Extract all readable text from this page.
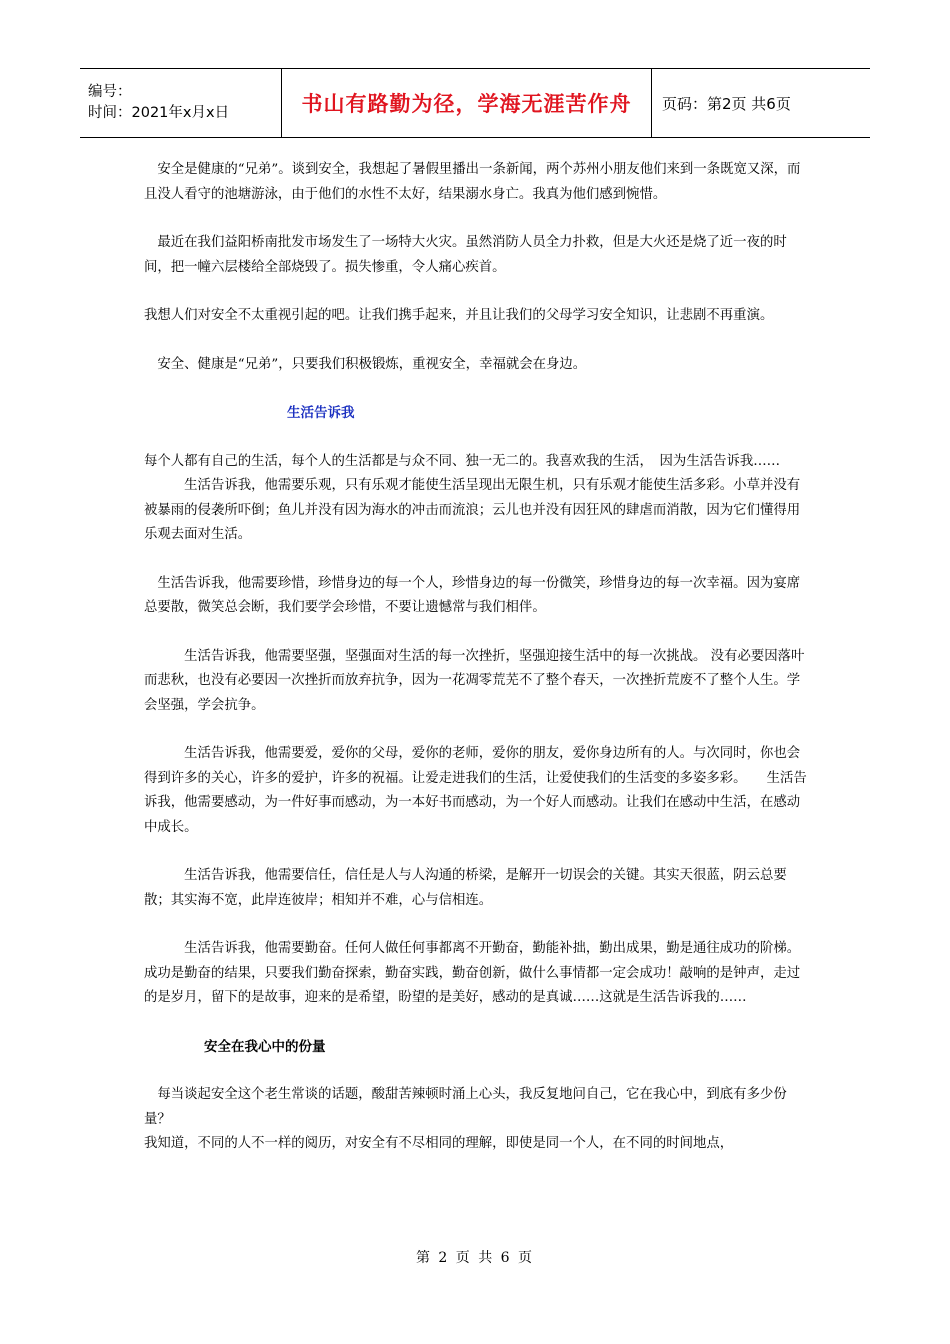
编号：
时间：2021年x月x日	书山有路勤为径，学海无涯苦作舟 页码：第2页 共6页

　安全是健康的“兄弟”。谈到安全，我想起了暑假里播出一条新闻，两个苏州小朋友他们来到一条既宽又深，而且没人看守的池塘游泳，由于他们的水性不太好，结果溺水身亡。我真为他们感到惋惜。

　最近在我们益阳桥南批发市场发生了一场特大火灾。虽然消防人员全力扑救，但是大火还是烧了近一夜的时间，把一幢六层楼给全部烧毁了。损失惨重，令人痛心疾首。

我想人们对安全不太重视引起的吧。让我们携手起来，并且让我们的父母学习安全知识，让悲剧不再重演。

　安全、健康是“兄弟”，只要我们积极锻炼，重视安全，幸福就会在身边。

生活告诉我

每个人都有自己的生活，每个人的生活都是与众不同、独一无二的。我喜欢我的生活，　因为生活告诉我……

　　　生活告诉我，他需要乐观，只有乐观才能使生活呈现出无限生机，只有乐观才能使生活多彩。小草并没有被暴雨的侵袭所吓倒；鱼儿并没有因为海水的冲击而流浪；云儿也并没有因狂风的肆虐而消散，因为它们懂得用乐观去面对生活。

　生活告诉我，他需要珍惜，珍惜身边的每一个人，珍惜身边的每一份微笑，珍惜身边的每一次幸福。因为宴席总要散，微笑总会断，我们要学会珍惜，不要让遗憾常与我们相伴。

　　　生活告诉我，他需要坚强，坚强面对生活的每一次挫折，坚强迎接生活中的每一次挑战。 没有必要因落叶而悲秋，也没有必要因一次挫折而放弃抗争，因为一花凋零荒芜不了整个春天，一次挫折荒废不了整个人生。学会坚强，学会抗争。

　　　生活告诉我，他需要爱，爱你的父母，爱你的老师，爱你的朋友，爱你身边所有的人。与次同时，你也会得到许多的关心，许多的爱护，许多的祝福。让爱走进我们的生活，让爱使我们的生活变的多姿多彩。　　生活告诉我，他需要感动，为一件好事而感动，为一本好书而感动，为一个好人而感动。让我们在感动中生活，在感动中成长。

　　　生活告诉我，他需要信任，信任是人与人沟通的桥梁，是解开一切误会的关键。其实天很蓝，阴云总要散；其实海不宽，此岸连彼岸；相知并不难，心与信相连。

　　　生活告诉我，他需要勤奋。任何人做任何事都离不开勤奋，勤能补拙，勤出成果，勤是通往成功的阶梯。成功是勤奋的结果，只要我们勤奋探索，勤奋实践，勤奋创新，做什么事情都一定会成功！敲响的是钟声，走过的是岁月，留下的是故事，迎来的是希望，盼望的是美好，感动的是真诚……这就是生活告诉我的……

安全在我心中的份量

　每当谈起安全这个老生常谈的话题，酸甜苦辣顿时涌上心头，我反复地问自己，它在我心中，到底有多少份量？

我知道，不同的人不一样的阅历，对安全有不尽相同的理解，即使是同一个人，在不同的时间地点，

第 2 页 共 6 页
